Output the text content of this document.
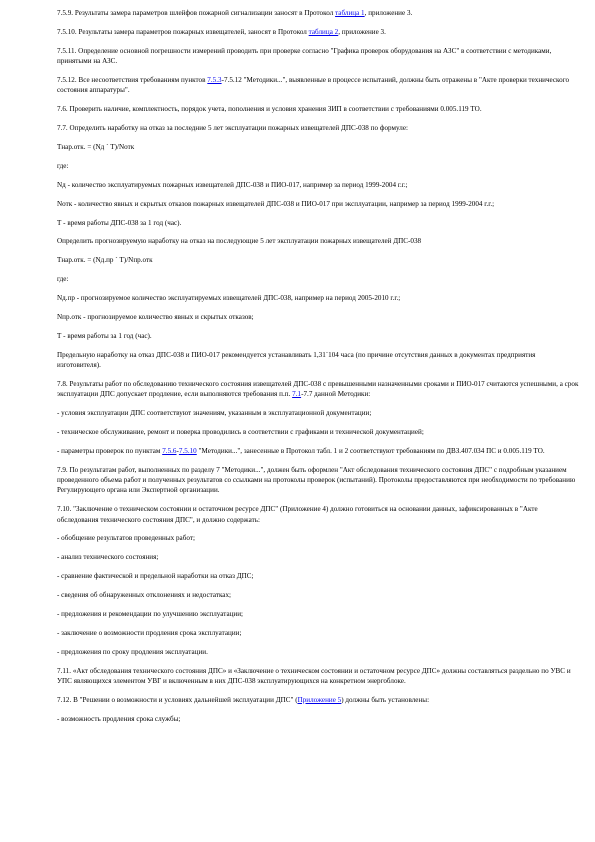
7.5.9. Результаты замера параметров шлейфов пожарной сигнализации заносят в Протокол таблица 1, приложение 3.

7.5.10. Результаты замера параметров пожарных извещателей, заносят в Протокол таблица 2, приложение 3.

7.5.11. Определение основной погрешности измерений проводить при проверке согласно "Графика проверок оборудования на АЗС" в соответствии с методиками, принятыми на АЗС.

7.5.12. Все несоответствия требованиям пунктов 7.5.3-7.5.12 "Методики...", выявленные в процессе испытаний, должны быть отражены в "Акте проверки технического состояния аппаратуры".

7.6. Проверить наличие, комплектность, порядок учета, пополнения и условия хранения ЗИП в соответствии с требованиями 0.005.119 ТО.

7.7. Определить наработку на отказ за последние 5 лет эксплуатации пожарных извещателей ДПС-038 по формуле:

Тнар.отк. = (Nд ´ Т)/Nотк

где:

Nд - количество эксплуатируемых пожарных извещателей ДПС-038 и ПИО-017, например за период 1999-2004 г.г.;

Nотк - количество явных и скрытых отказов пожарных извещателей ДПС-038 и ПИО-017 при эксплуатации, например за период 1999-2004 г.г.;

Т - время работы ДПС-038 за 1 год (час).

Определить прогнозируемую наработку на отказ на последующие 5 лет эксплуатации пожарных извещателей ДПС-038

Тнар.отк. = (Nд.пр ´ Т)/Nпр.отк

где:

Nд.пр - прогнозируемое количество эксплуатируемых извещателей ДПС-038, например на период 2005-2010 г.г.;

Nпр.отк - прогнозируемое количество явных и скрытых отказов;

Т - время работы за 1 год (час).

Предельную наработку на отказ ДПС-038 и ПИО-017 рекомендуется устанавливать 1,31´104 часа (по причине отсутствия данных в документах предприятия изготовителя).

7.8. Результаты работ по обследованию технического состояния извещателей ДПС-038 с превышенными назначенными сроками и ПИО-017 считаются успешными, а срок эксплуатации ДПС допускает продление, если выполняются требования п.п. 7.1-7.7 данной Методики:

- условия эксплуатации ДПС соответствуют значениям, указанным в эксплуатационной документации;

- техническое обслуживание, ремонт и поверка проводились в соответствии с графиками и технической документацией;

- параметры проверок по пунктам 7.5.6-7.5.10 "Методики...", занесенные в Протокол табл. 1 и 2 соответствуют требованиям по ДВЗ.407.034 ПС и 0.005.119 ТО.

7.9. По результатам работ, выполненных по разделу 7 "Методики...", должен быть оформлен "Акт обследования технического состояния ДПС" с подробным указанием проведенного объема работ и полученных результатов со ссылками на протоколы проверок (испытаний). Протоколы предоставляются при необходимости по требованию Регулирующего органа или Экспертной организации.

7.10. "Заключение о техническом состоянии и остаточном ресурсе ДПС" (Приложение 4) должно готовиться на основании данных, зафиксированных в "Акте обследования технического состояния ДПС", и должно содержать:

- обобщение результатов проведенных работ;

- анализ технического состояния;

- сравнение фактической и предельной наработки на отказ ДПС;

- сведения об обнаруженных отклонениях и недостатках;

- предложения и рекомендации по улучшению эксплуатации;

- заключение о возможности продления срока эксплуатации;

- предложения по сроку продления эксплуатации.

7.11. «Акт обследования технического состояния ДПС» и «Заключение о техническом состоянии и остаточном ресурсе ДПС» должны составляться раздельно по УВС и УПС являющихся элементом УВГ и включенным в них ДПС-038 эксплуатирующихся на конкретном энергоблоке.

7.12. В "Решении о возможности и условиях дальнейшей эксплуатации ДПС" (Приложение 5) должны быть установлены:

- возможность продления срока службы;
